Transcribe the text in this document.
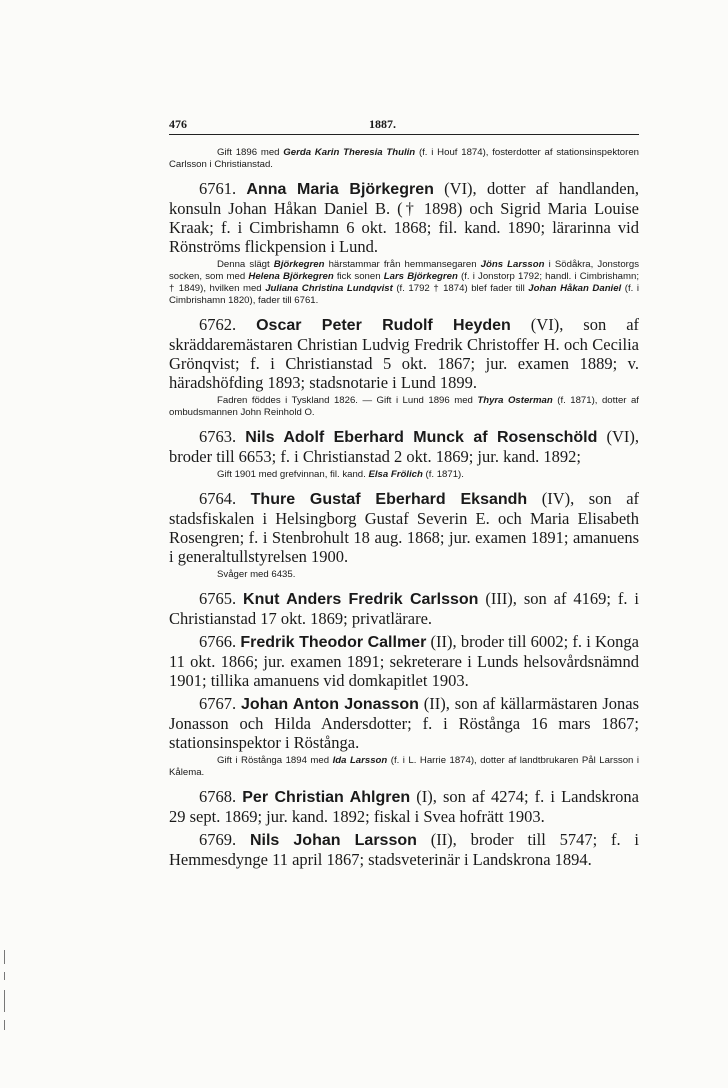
476	1887.

Gift 1896 med Gerda Karin Theresia Thulin (f. i Houf 1874), fosterdotter af stationsinspektoren Carlsson i Christianstad.

6761. Anna Maria Björkegren (VI), dotter af handlanden, konsuln Johan Håkan Daniel B. († 1898) och Sigrid Maria Louise Kraak; f. i Cimbrishamn 6 okt. 1868; fil. kand. 1890; lärarinna vid Rönströms flickpension i Lund.

Denna slägt Björkegren härstammar från hemmansegaren Jöns Larsson i Södåkra, Jonstorgs socken, som med Helena Björkegren fick sonen Lars Björkegren (f. i Jonstorp 1792; handl. i Cimbrishamn; † 1849), hvilken med Juliana Christina Lundqvist (f. 1792 † 1874) blef fader till Johan Håkan Daniel (f. i Cimbrishamn 1820), fader till 6761.

6762. Oscar Peter Rudolf Heyden (VI), son af skräddaremästaren Christian Ludvig Fredrik Christoffer H. och Cecilia Grönqvist; f. i Christianstad 5 okt. 1867; jur. examen 1889; v. häradshöfding 1893; stadsnotarie i Lund 1899.

Fadren föddes i Tyskland 1826. — Gift i Lund 1896 med Thyra Osterman (f. 1871), dotter af ombudsmannen John Reinhold O.

6763. Nils Adolf Eberhard Munck af Rosenschöld (VI), broder till 6653; f. i Christianstad 2 okt. 1869; jur. kand. 1892;

Gift 1901 med grefvinnan, fil. kand. Elsa Frölich (f. 1871).

6764. Thure Gustaf Eberhard Eksandh (IV), son af stadsfiskalen i Helsingborg Gustaf Severin E. och Maria Elisabeth Rosengren; f. i Stenbrohult 18 aug. 1868; jur. examen 1891; amanuens i generaltullstyrelsen 1900.

Svåger med 6435.

6765. Knut Anders Fredrik Carlsson (III), son af 4169; f. i Christianstad 17 okt. 1869; privatlärare.

6766. Fredrik Theodor Callmer (II), broder till 6002; f. i Konga 11 okt. 1866; jur. examen 1891; sekreterare i Lunds helsovårdsnämnd 1901; tillika amanuens vid domkapitlet 1903.

6767. Johan Anton Jonasson (II), son af källarmästaren Jonas Jonasson och Hilda Andersdotter; f. i Röstånga 16 mars 1867; stationsinspektor i Röstånga.

Gift i Röstånga 1894 med Ida Larsson (f. i L. Harrie 1874), dotter af landtbrukaren Pål Larsson i Kålema.

6768. Per Christian Ahlgren (I), son af 4274; f. i Landskrona 29 sept. 1869; jur. kand. 1892; fiskal i Svea hofrätt 1903.

6769. Nils Johan Larsson (II), broder till 5747; f. i Hemmesdynge 11 april 1867; stadsveterinär i Landskrona 1894.
